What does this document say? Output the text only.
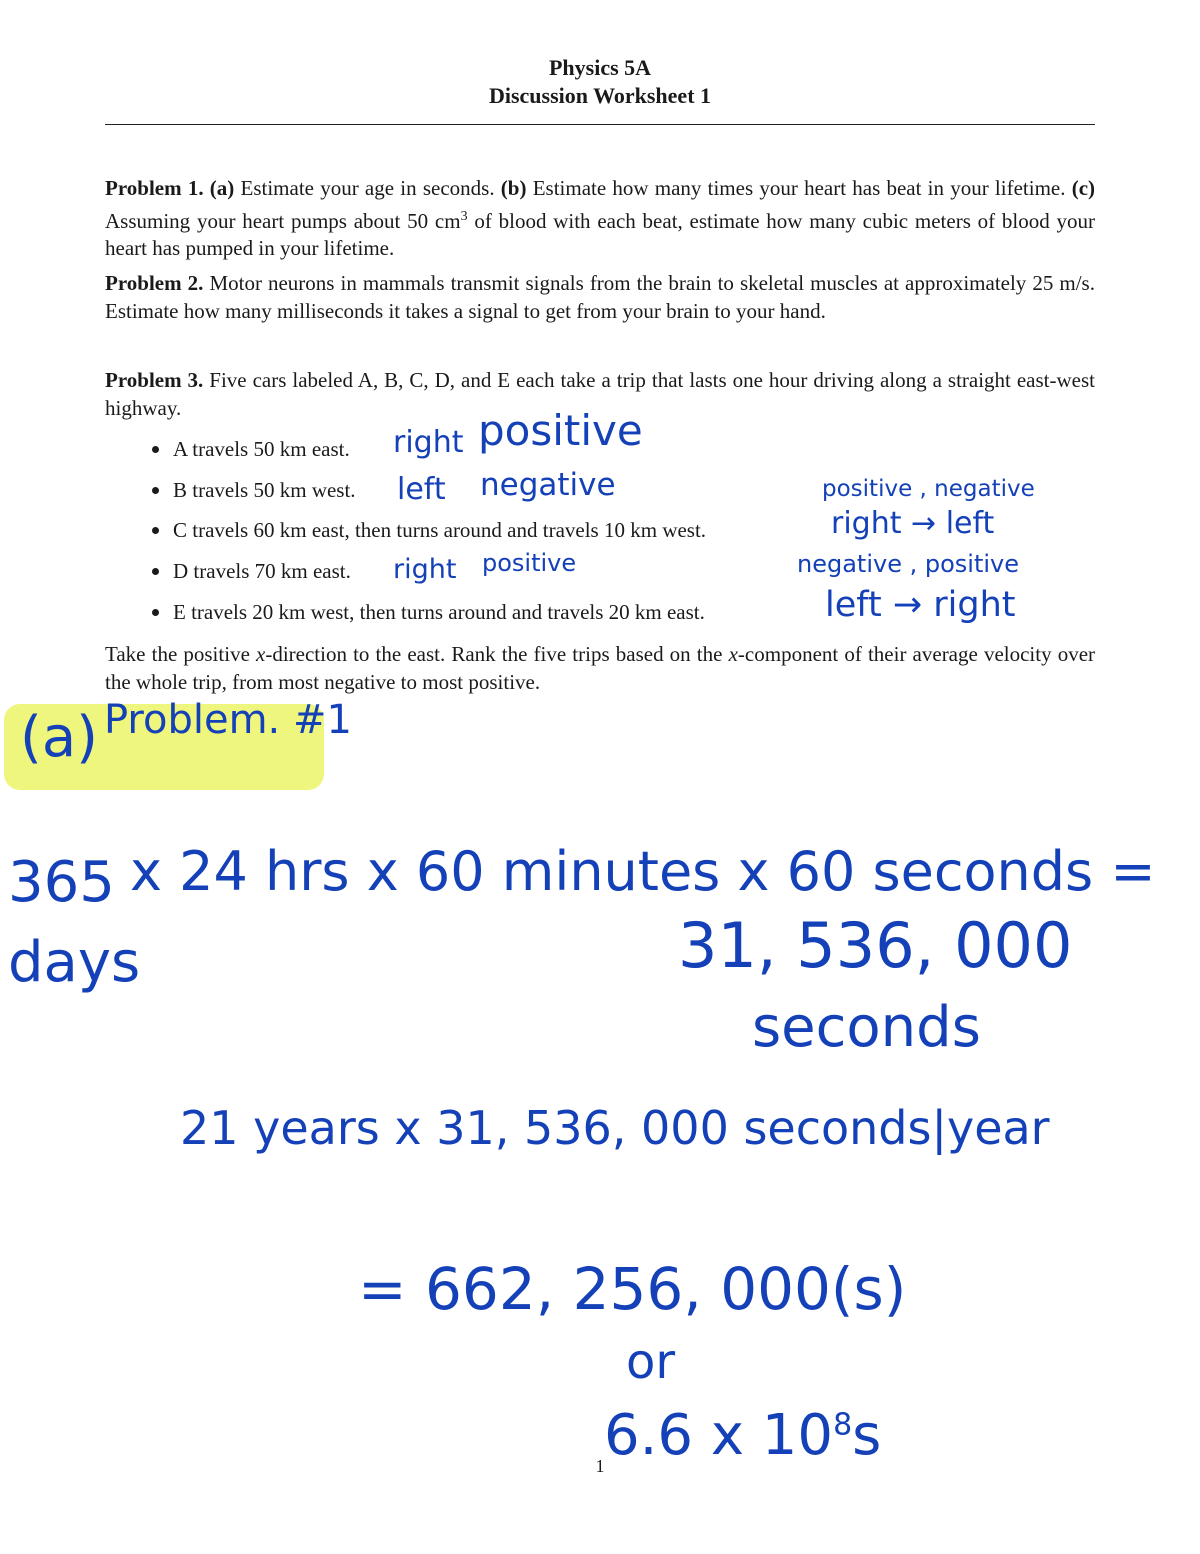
Physics 5A
Discussion Worksheet 1

Problem 1. (a) Estimate your age in seconds. (b) Estimate how many times your heart has beat in your lifetime. (c) Assuming your heart pumps about 50 $cm^3$ of blood with each beat, estimate how many cubic meters of blood your heart has pumped in your lifetime.

Problem 2. Motor neurons in mammals transmit signals from the brain to skeletal muscles at approximately 25 m/s. Estimate how many milliseconds it takes a signal to get from your brain to your hand.

Problem 3. Five cars labeled A, B, C, D, and E each take a trip that lasts one hour driving along a straight east-west highway.

A travels 50 km east.
B travels 50 km west.
C travels 60 km east, then turns around and travels 10 km west.
D travels 70 km east.
E travels 20 km west, then turns around and travels 20 km east.

Take the positive x-direction to the east. Rank the five trips based on the x-component of their average velocity over the whole trip, from most negative to most positive.

right positive
left negative	positive , negative
right → left
right positive	negative , positive
left → right
(a) Problem. #1
365 x 24 hrs x 60 minutes x 60 seconds =
days	31, 536, 000
seconds
21 years x 31, 536, 000 seconds|year
= 662, 256, 000(s)
or
6.6 x $10^8s$
1
